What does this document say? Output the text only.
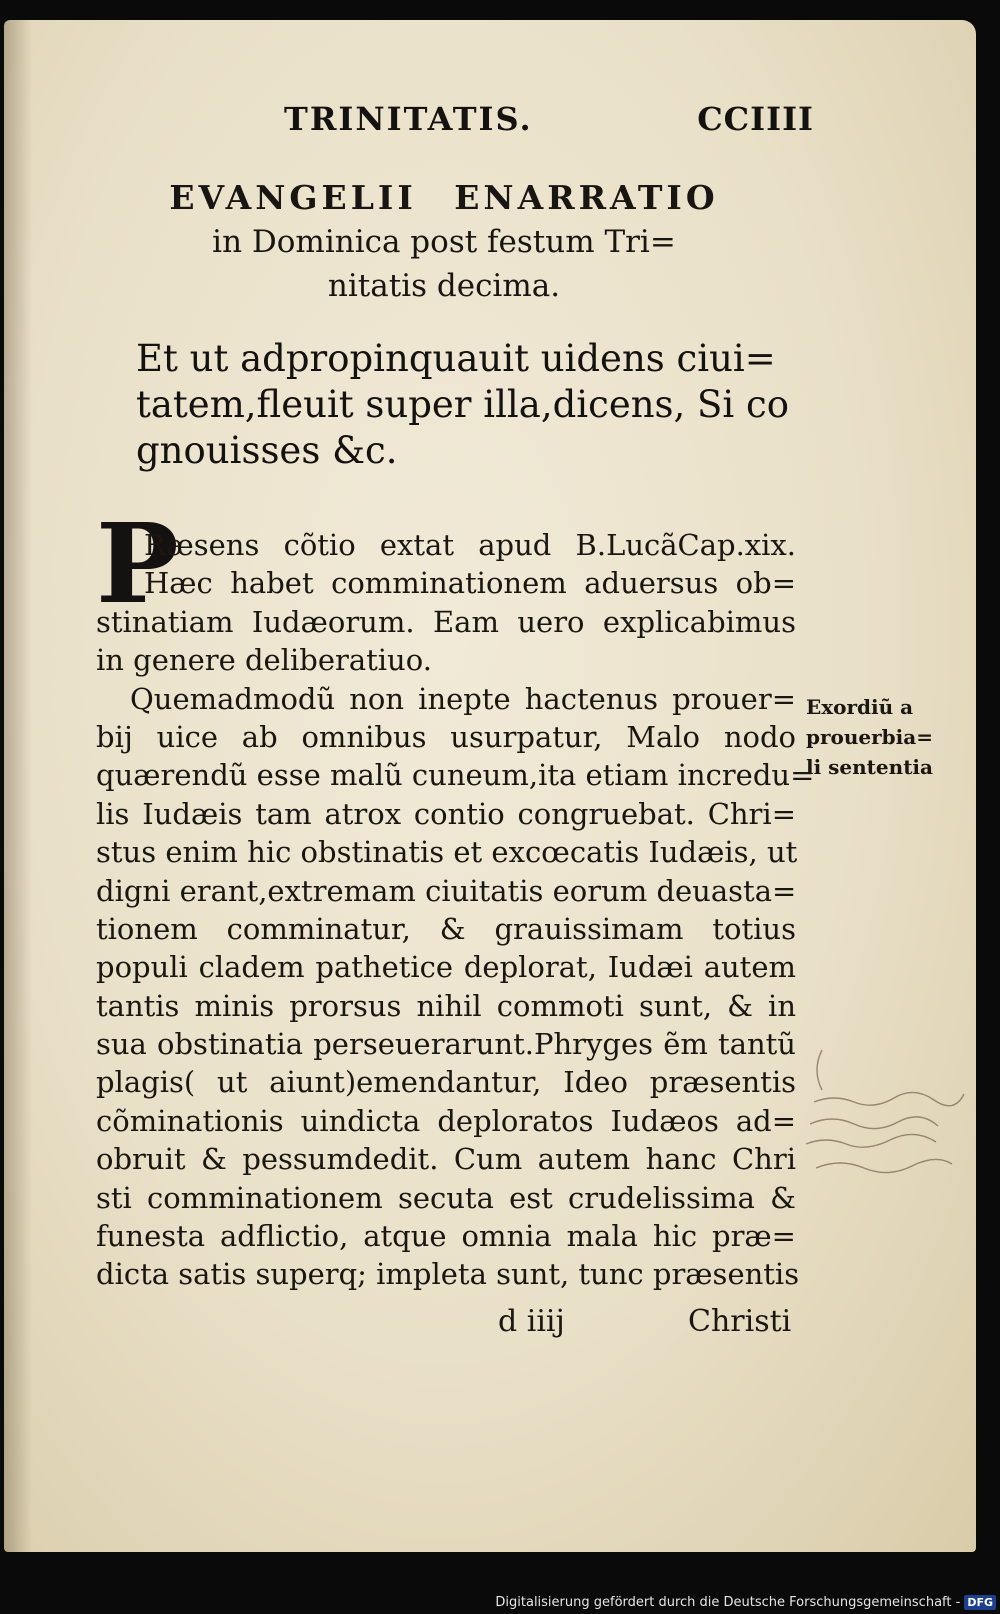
TRINITATIS.	CCIIII
EVANGELII ENARRATIO
in Dominica post festum Tri=
nitatis decima.
Et ut adpropinquauit uidens ciui=
tatem,fleuit super illa,dicens, Si co
gnouisses &c.
P
Ræsens cõtio extat apud B.LucãCap.xix.
Hæc habet comminationem aduersus ob=
stinatiam Iudæorum. Eam uero explicabimus
in genere deliberatiuo.
Quemadmodũ non inepte hactenus prouer=
bij uice ab omnibus usurpatur, Malo nodo
quærendũ esse malũ cuneum,ita etiam incredu=
lis Iudæis tam atrox contio congruebat. Chri=
stus enim hic obstinatis et excœcatis Iudæis, ut
digni erant,extremam ciuitatis eorum deuasta=
tionem comminatur, & grauissimam totius
populi cladem pathetice deplorat, Iudæi autem
tantis minis prorsus nihil commoti sunt, & in
sua obstinatia perseuerarunt.Phryges ẽm tantũ
plagis( ut aiunt)emendantur, Ideo præsentis
cõminationis uindicta deploratos Iudæos ad=
obruit & pessumdedit. Cum autem hanc Chri
sti comminationem secuta est crudelissima &
funesta adflictio, atque omnia mala hic præ=
dicta satis superq; impleta sunt, tunc præsentis
Exordiũ a
prouerbia=
li sententia
d iiij	Christi
Digitalisierung gefördert durch die Deutsche Forschungsgemeinschaft - DFG
